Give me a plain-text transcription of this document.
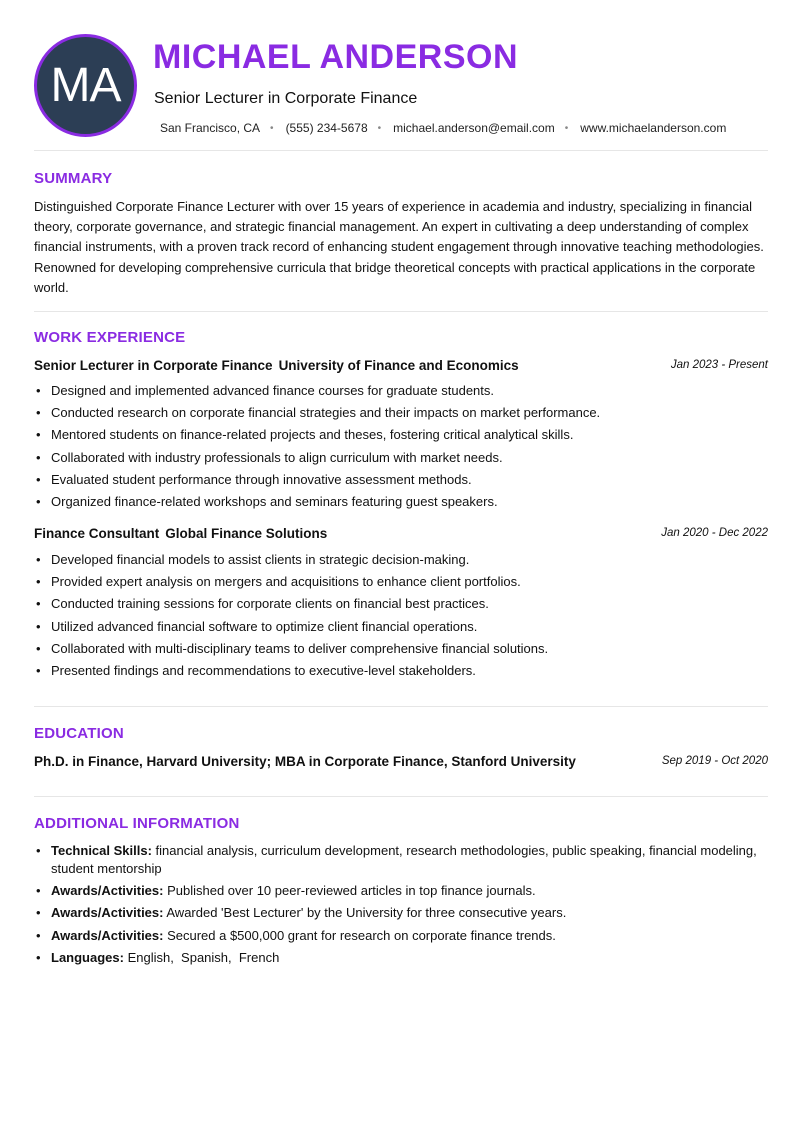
MA
MICHAEL ANDERSON
Senior Lecturer in Corporate Finance
San Francisco, CA • (555) 234-5678 • michael.anderson@email.com • www.michaelanderson.com
SUMMARY
Distinguished Corporate Finance Lecturer with over 15 years of experience in academia and industry, specializing in financial theory, corporate governance, and strategic financial management. An expert in cultivating a deep understanding of complex financial instruments, with a proven track record of enhancing student engagement through innovative teaching methodologies. Renowned for developing comprehensive curricula that bridge theoretical concepts with practical applications in the corporate world.
WORK EXPERIENCE
Senior Lecturer in Corporate Finance University of Finance and Economics	Jan 2023 - Present
• Designed and implemented advanced finance courses for graduate students.
• Conducted research on corporate financial strategies and their impacts on market performance.
• Mentored students on finance-related projects and theses, fostering critical analytical skills.
• Collaborated with industry professionals to align curriculum with market needs.
• Evaluated student performance through innovative assessment methods.
• Organized finance-related workshops and seminars featuring guest speakers.
Finance Consultant Global Finance Solutions	Jan 2020 - Dec 2022
• Developed financial models to assist clients in strategic decision-making.
• Provided expert analysis on mergers and acquisitions to enhance client portfolios.
• Conducted training sessions for corporate clients on financial best practices.
• Utilized advanced financial software to optimize client financial operations.
• Collaborated with multi-disciplinary teams to deliver comprehensive financial solutions.
• Presented findings and recommendations to executive-level stakeholders.
EDUCATION
Ph.D. in Finance, Harvard University; MBA in Corporate Finance, Stanford University	Sep 2019 - Oct 2020
ADDITIONAL INFORMATION
• Technical Skills: financial analysis, curriculum development, research methodologies, public speaking, financial modeling, student mentorship
• Awards/Activities: Published over 10 peer-reviewed articles in top finance journals.
• Awards/Activities: Awarded 'Best Lecturer' by the University for three consecutive years.
• Awards/Activities: Secured a $500,000 grant for research on corporate finance trends.
• Languages: English,  Spanish,  French
